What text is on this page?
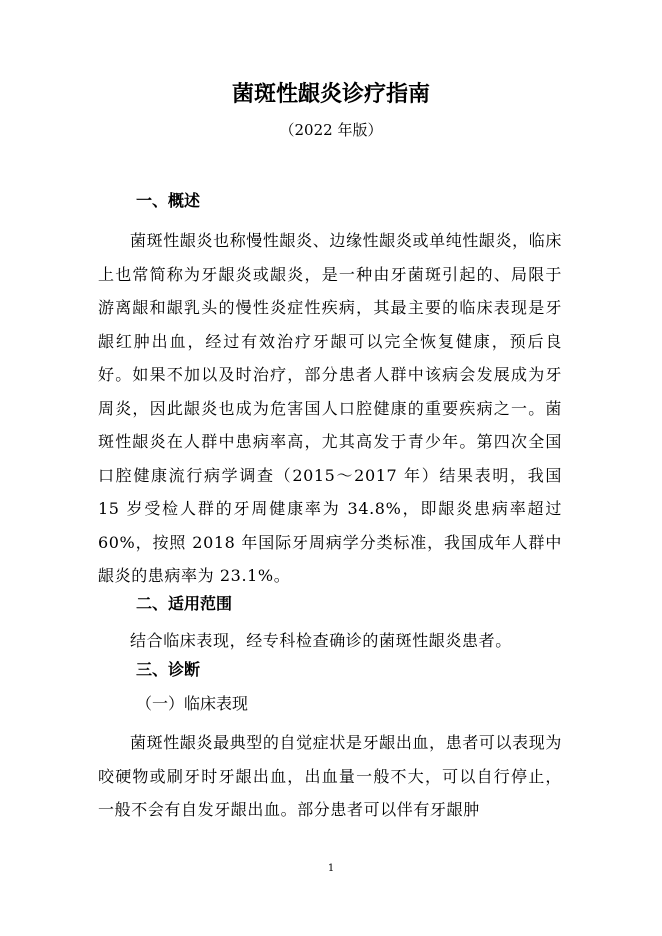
菌斑性龈炎诊疗指南
（2022 年版）
一、概述

菌斑性龈炎也称慢性龈炎、边缘性龈炎或单纯性龈炎，临床上也常简称为牙龈炎或龈炎，是一种由牙菌斑引起的、局限于游离龈和龈乳头的慢性炎症性疾病，其最主要的临床表现是牙龈红肿出血，经过有效治疗牙龈可以完全恢复健康，预后良好。如果不加以及时治疗，部分患者人群中该病会发展成为牙周炎，因此龈炎也成为危害国人口腔健康的重要疾病之一。菌斑性龈炎在人群中患病率高，尤其高发于青少年。第四次全国口腔健康流行病学调查（2015～2017 年）结果表明，我国 15 岁受检人群的牙周健康率为 34.8%，即龈炎患病率超过 60%，按照 2018 年国际牙周病学分类标准，我国成年人群中龈炎的患病率为 23.1%。

二、适用范围

结合临床表现，经专科检查确诊的菌斑性龈炎患者。

三、诊断
（一）临床表现

菌斑性龈炎最典型的自觉症状是牙龈出血，患者可以表现为咬硬物或刷牙时牙龈出血，出血量一般不大，可以自行停止，一般不会有自发牙龈出血。部分患者可以伴有牙龈肿

1
